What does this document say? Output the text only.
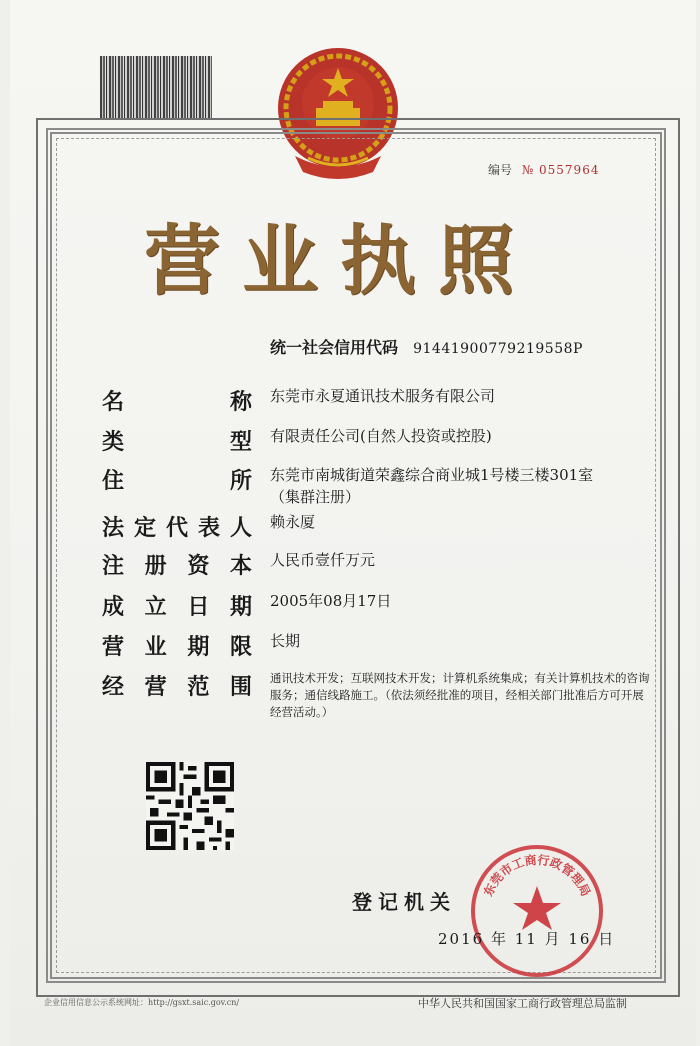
编号 № 0557964
营业执照
统一社会信用代码 91441900779219558P
名	称 东莞市永夏通讯技术服务有限公司
类	型 有限责任公司(自然人投资或控股)
住	所 东莞市南城街道荣鑫综合商业城1号楼三楼301室（集群注册）
法 定 代 表 人 赖永厦
注 册 资 本 人民币壹仟万元
成 立 日 期 2005年08月17日
营 业 期 限 长期
经 营 范 围 通讯技术开发；互联网技术开发；计算机系统集成；有关计算机技术的咨询服务；通信线路施工。（依法须经批准的项目，经相关部门批准后方可开展经营活动。）
登记机关 东莞市工商行政管理局
2016 年 11 月 16 日
企业信用信息公示系统网址：http://gsxt.saic.gov.cn/	中华人民共和国国家工商行政管理总局监制
